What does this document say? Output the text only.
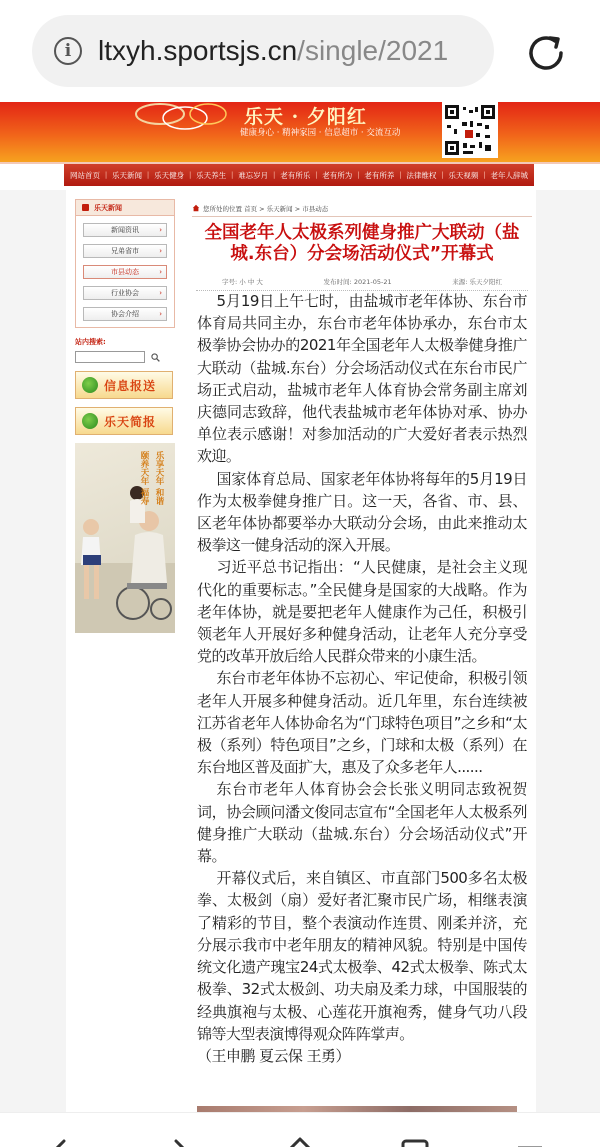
i ltxyh.sportsjs.cn/single/2021
乐天 · 夕阳红
健康身心 · 精神家园 · 信息超市 · 交流互动
网站首页 | 乐天新闻 | 乐天健身 | 乐天养生 | 难忘岁月 | 老有所乐 | 老有所为 | 老有所养 | 法律维权 | 乐天视频 | 老年人辞城
乐天新闻
新闻资讯	›
兄弟省市	›
市县动态	›
行业协会	›
协会介绍	›
站内搜索:
信息报送
乐天简报
乐享天年 和谐
颐养天年 福寿
您所处的位置
首页 > 乐天新闻 > 市县动态
全国老年人太极系列健身推广大联动（盐城.东台）分会场活动仪式”开幕式
字号: 小 中 大	发布时间: 2021-05-21	来源: 乐天夕阳红

5月19日上午七时，由盐城市老年体协、东台市体育局共同主办，东台市老年体协承办，东台市太极拳协会协办的2021年全国老年人太极拳健身推广大联动（盐城.东台）分会场活动仪式在东台市民广场正式启动，盐城市老年人体育协会常务副主席刘庆德同志致辞，他代表盐城市老年体协对承、协办单位表示感谢！对参加活动的广大爱好者表示热烈欢迎。

国家体育总局、国家老年体协将每年的5月19日作为太极拳健身推广日。这一天，各省、市、县、区老年体协都要举办大联动分会场，由此来推动太极拳这一健身活动的深入开展。

习近平总书记指出：“人民健康，是社会主义现代化的重要标志。”全民健身是国家的大战略。作为老年体协，就是要把老年人健康作为己任，积极引领老年人开展好多种健身活动，让老年人充分享受党的改革开放后给人民群众带来的小康生活。

东台市老年体协不忘初心、牢记使命，积极引领老年人开展多种健身活动。近几年里，东台连续被江苏省老年人体协命名为“门球特色项目”之乡和“太极（系列）特色项目”之乡，门球和太极（系列）在东台地区普及面扩大，惠及了众多老年人......

东台市老年人体育协会会长张义明同志致祝贺词，协会顾问潘文俊同志宣布“全国老年人太极系列健身推广大联动（盐城.东台）分会场活动仪式”开幕。

开幕仪式后，来自镇区、市直部门500多名太极拳、太极剑（扇）爱好者汇聚市民广场，相继表演了精彩的节目，整个表演动作连贯、刚柔并济，充分展示我市中老年朋友的精神风貌。特别是中国传统文化遗产瑰宝24式太极拳、42式太极拳、陈式太极拳、32式太极剑、功夫扇及柔力球，中国服装的经典旗袍与太极、心莲花开旗袍秀，健身气功八段锦等大型表演博得观众阵阵掌声。

（王申鹏 夏云保 王勇）
